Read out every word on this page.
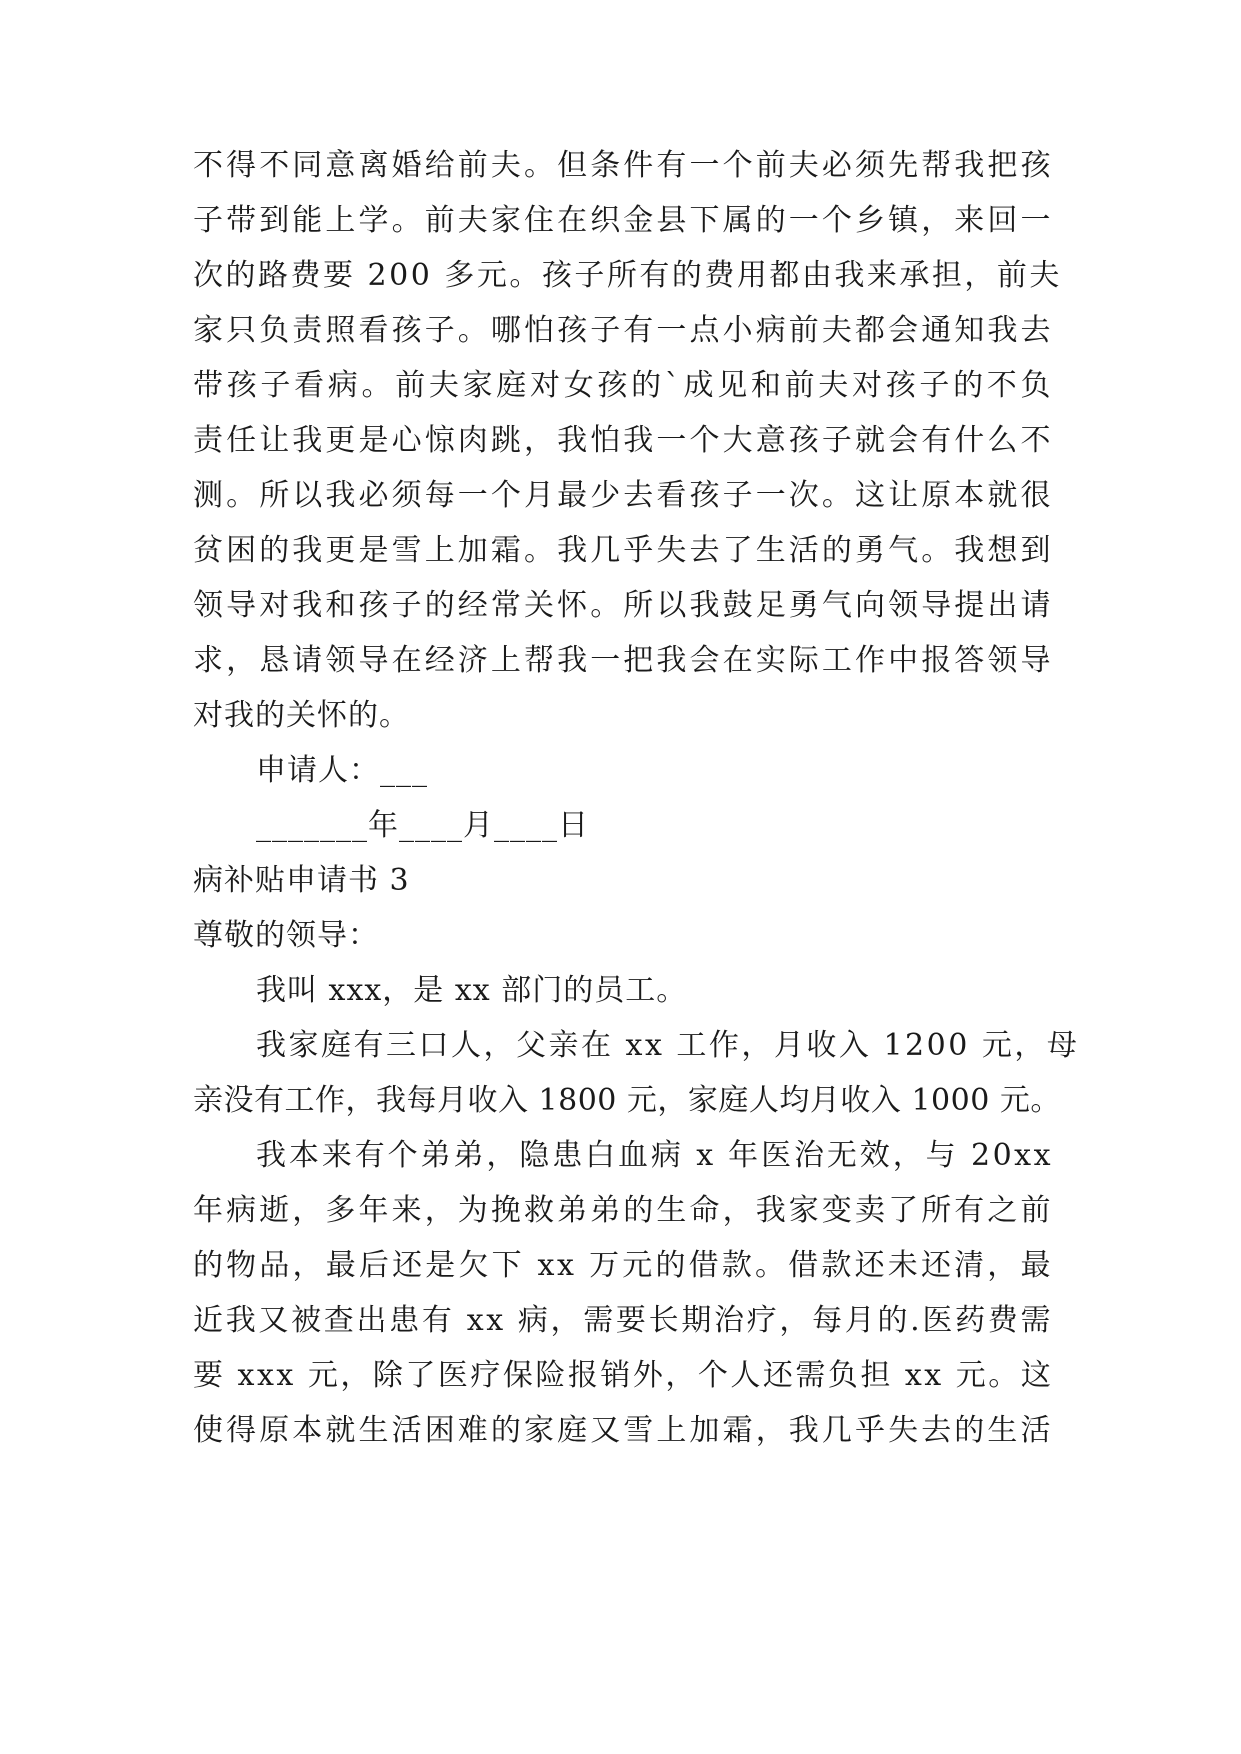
不得不同意离婚给前夫。但条件有一个前夫必须先帮我把孩
子带到能上学。前夫家住在织金县下属的一个乡镇，来回一
次的路费要 200 多元。孩子所有的费用都由我来承担，前夫
家只负责照看孩子。哪怕孩子有一点小病前夫都会通知我去
带孩子看病。前夫家庭对女孩的`成见和前夫对孩子的不负
责任让我更是心惊肉跳，我怕我一个大意孩子就会有什么不
测。所以我必须每一个月最少去看孩子一次。这让原本就很
贫困的我更是雪上加霜。我几乎失去了生活的勇气。我想到
领导对我和孩子的经常关怀。所以我鼓足勇气向领导提出请
求，恳请领导在经济上帮我一把我会在实际工作中报答领导
对我的关怀的。
申请人：___
_______年____月____日
病补贴申请书 3
尊敬的领导：
我叫 xxx，是 xx 部门的员工。
我家庭有三口人，父亲在 xx 工作，月收入 1200 元，母
亲没有工作，我每月收入 1800 元，家庭人均月收入 1000 元。
我本来有个弟弟，隐患白血病 x 年医治无效，与 20xx
年病逝，多年来，为挽救弟弟的生命，我家变卖了所有之前
的物品，最后还是欠下 xx 万元的借款。借款还未还清，最
近我又被查出患有 xx 病，需要长期治疗，每月的.医药费需
要 xxx 元，除了医疗保险报销外，个人还需负担 xx 元。这
使得原本就生活困难的家庭又雪上加霜，我几乎失去的生活
